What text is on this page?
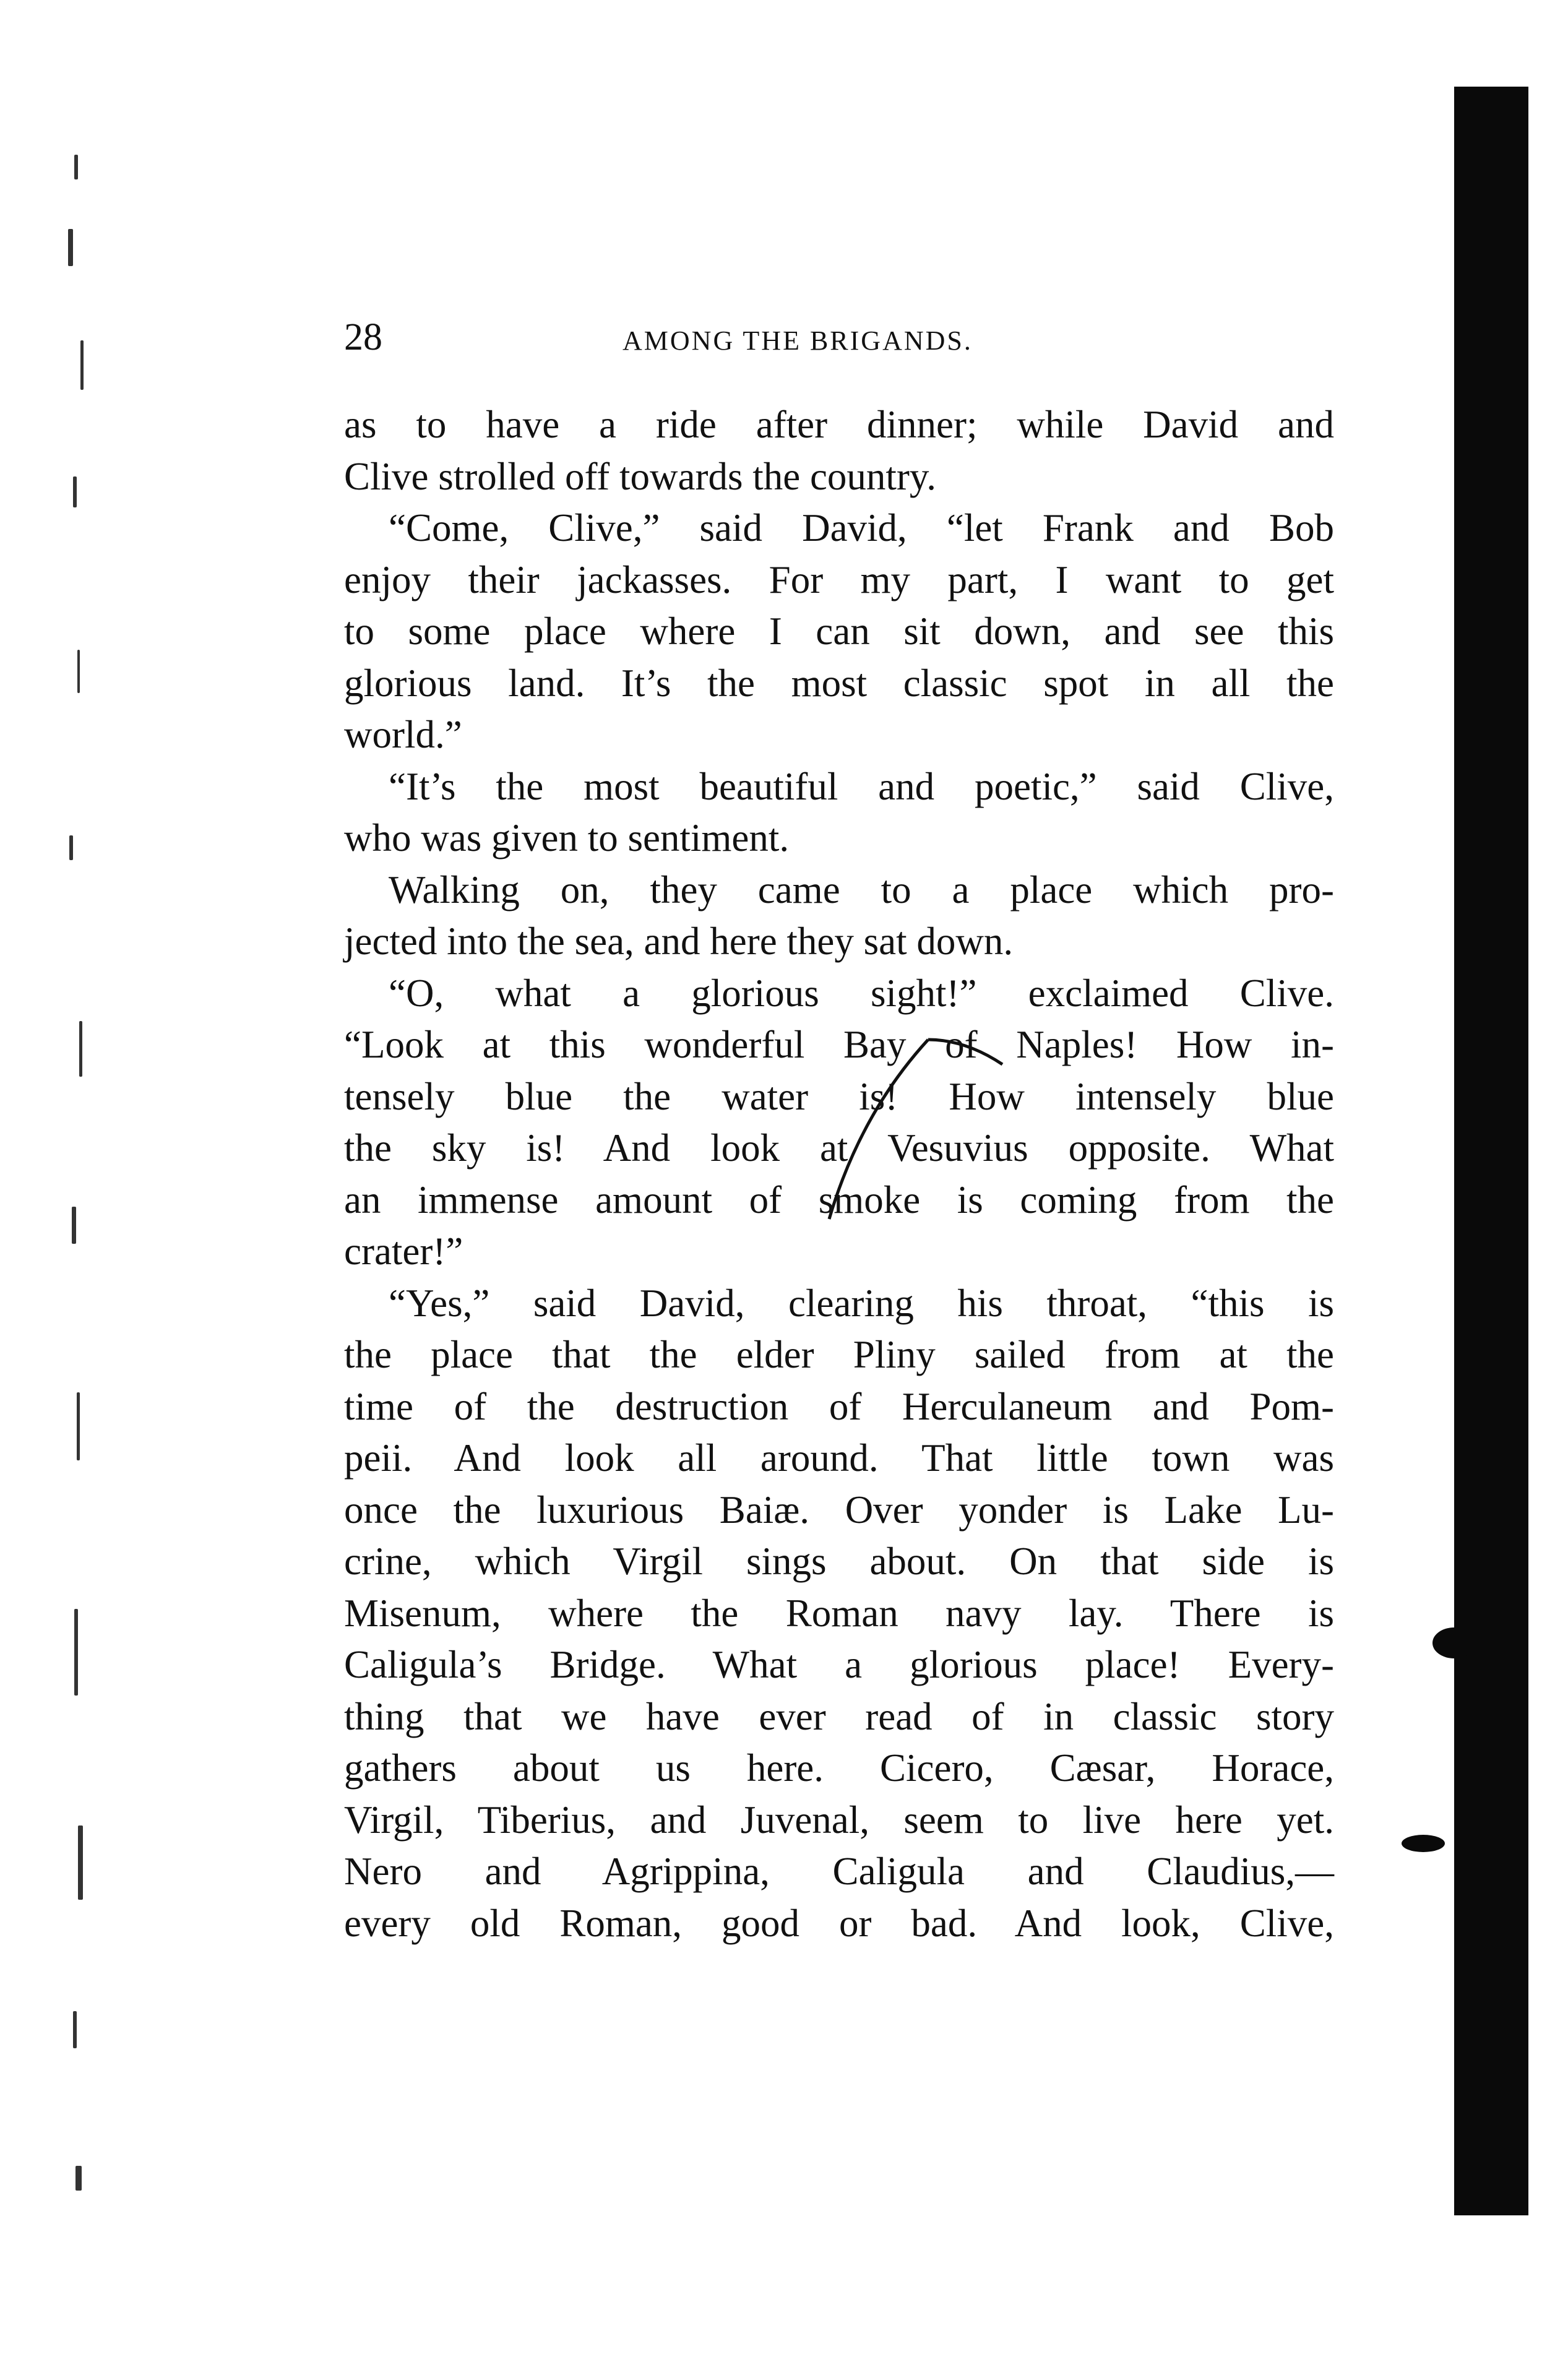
28	AMONG THE BRIGANDS.
as to have a ride after dinner; while David and
Clive strolled off towards the country.
“Come, Clive,” said David, “let Frank and Bob
enjoy their jackasses. For my part, I want to get
to some place where I can sit down, and see this
glorious land. It’s the most classic spot in all the
world.”
“It’s the most beautiful and poetic,” said Clive,
who was given to sentiment.
Walking on, they came to a place which pro-
jected into the sea, and here they sat down.
“O, what a glorious sight!” exclaimed Clive.
“Look at this wonderful Bay of Naples! How in-
tensely blue the water is! How intensely blue
the sky is! And look at Vesuvius opposite. What
an immense amount of smoke is coming from the
crater!”
“Yes,” said David, clearing his throat, “this is
the place that the elder Pliny sailed from at the
time of the destruction of Herculaneum and Pom-
peii. And look all around. That little town was
once the luxurious Baiæ. Over yonder is Lake Lu-
crine, which Virgil sings about. On that side is
Misenum, where the Roman navy lay. There is
Caligula’s Bridge. What a glorious place! Every-
thing that we have ever read of in classic story
gathers about us here. Cicero, Cæsar, Horace,
Virgil, Tiberius, and Juvenal, seem to live here yet.
Nero and Agrippina, Caligula and Claudius,—
every old Roman, good or bad. And look, Clive,
